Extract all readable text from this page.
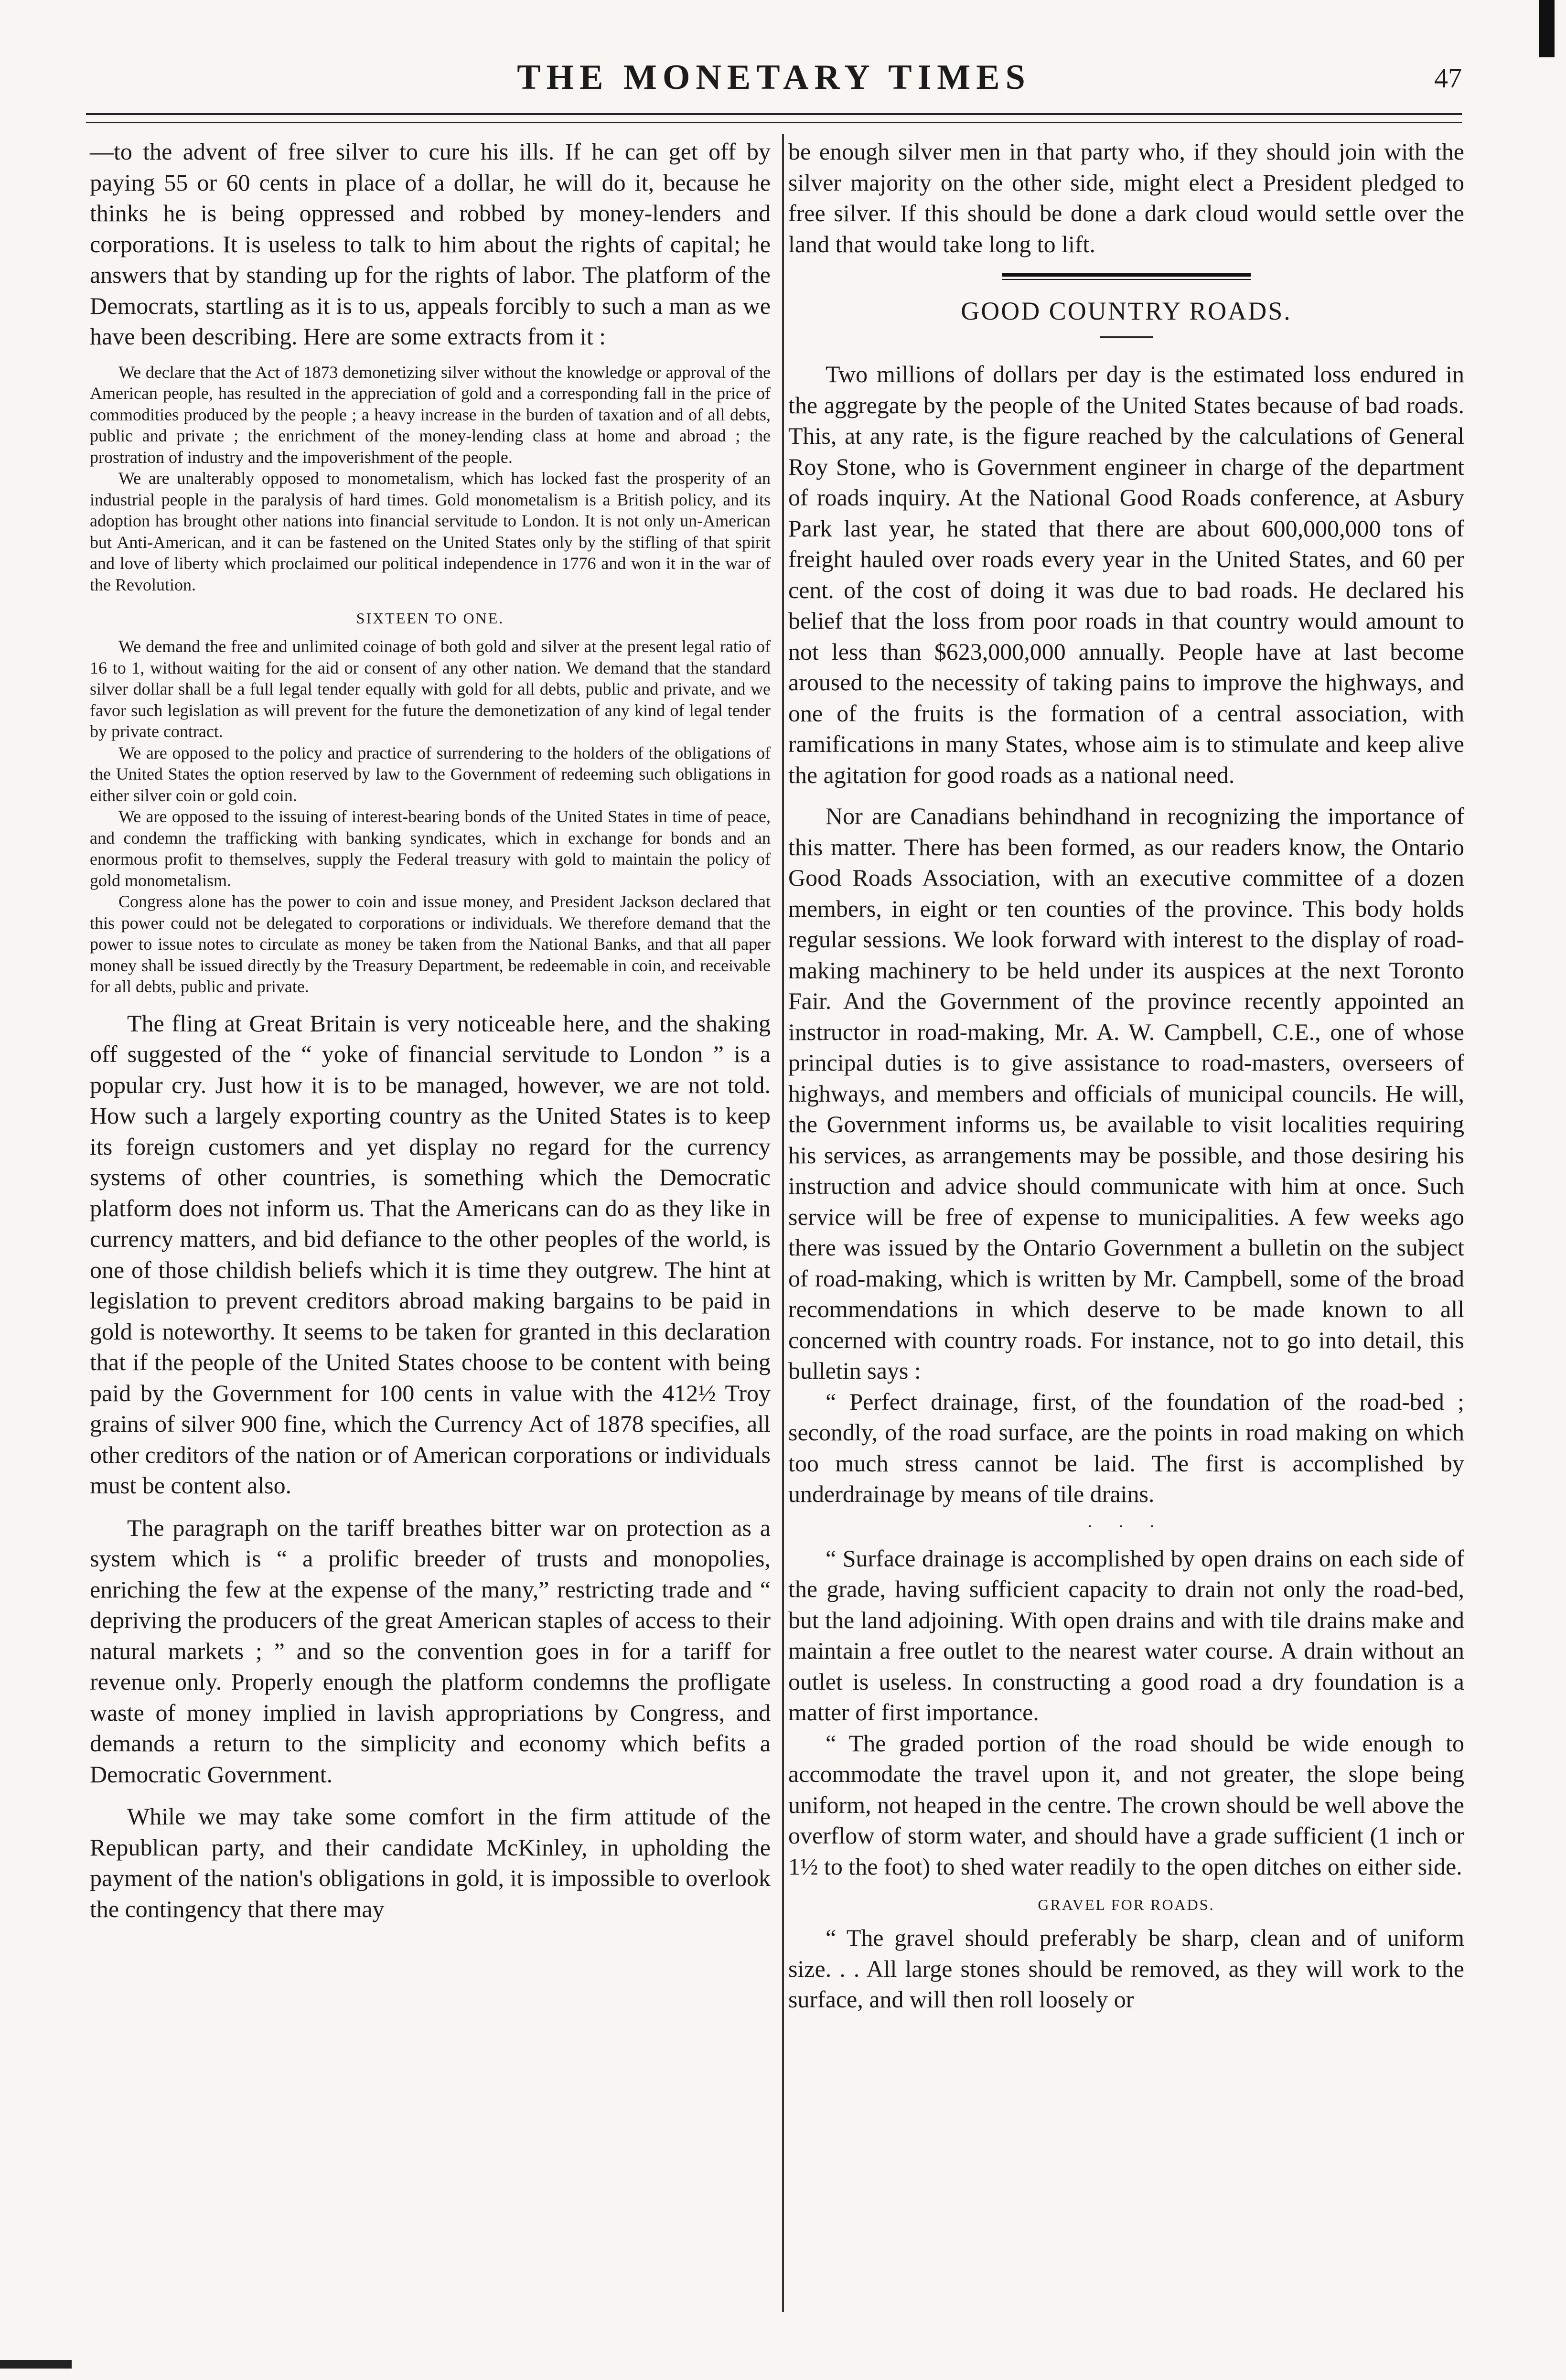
THE MONETARY TIMES	47

—to the advent of free silver to cure his ills. If he can get off by paying 55 or 60 cents in place of a dollar, he will do it, because he thinks he is being oppressed and robbed by money-lenders and corporations. It is useless to talk to him about the rights of capital; he answers that by standing up for the rights of labor. The platform of the Democrats, startling as it is to us, appeals forcibly to such a man as we have been describing. Here are some extracts from it :

We declare that the Act of 1873 demonetizing silver without the knowledge or approval of the American people, has resulted in the appreciation of gold and a corresponding fall in the price of commodities produced by the people ; a heavy increase in the burden of taxation and of all debts, public and private ; the enrichment of the money-lending class at home and abroad ; the prostration of industry and the impoverishment of the people.

We are unalterably opposed to monometalism, which has locked fast the prosperity of an industrial people in the paralysis of hard times. Gold monometalism is a British policy, and its adoption has brought other nations into financial servitude to London. It is not only un-American but Anti-American, and it can be fastened on the United States only by the stifling of that spirit and love of liberty which proclaimed our political independence in 1776 and won it in the war of the Revolution.

SIXTEEN TO ONE.

We demand the free and unlimited coinage of both gold and silver at the present legal ratio of 16 to 1, without waiting for the aid or consent of any other nation. We demand that the standard silver dollar shall be a full legal tender equally with gold for all debts, public and private, and we favor such legislation as will prevent for the future the demonetization of any kind of legal tender by private contract.

We are opposed to the policy and practice of surrendering to the holders of the obligations of the United States the option reserved by law to the Government of redeeming such obligations in either silver coin or gold coin.

We are opposed to the issuing of interest-bearing bonds of the United States in time of peace, and condemn the trafficking with banking syndicates, which in exchange for bonds and an enormous profit to themselves, supply the Federal treasury with gold to maintain the policy of gold monometalism.

Congress alone has the power to coin and issue money, and President Jackson declared that this power could not be delegated to corporations or individuals. We therefore demand that the power to issue notes to circulate as money be taken from the National Banks, and that all paper money shall be issued directly by the Treasury Department, be redeemable in coin, and receivable for all debts, public and private.

The fling at Great Britain is very noticeable here, and the shaking off suggested of the “ yoke of financial servitude to London ” is a popular cry. Just how it is to be managed, however, we are not told. How such a largely exporting country as the United States is to keep its foreign customers and yet display no regard for the currency systems of other countries, is something which the Democratic platform does not inform us. That the Americans can do as they like in currency matters, and bid defiance to the other peoples of the world, is one of those childish beliefs which it is time they outgrew. The hint at legislation to prevent creditors abroad making bargains to be paid in gold is noteworthy. It seems to be taken for granted in this declaration that if the people of the United States choose to be content with being paid by the Government for 100 cents in value with the 412½ Troy grains of silver 900 fine, which the Currency Act of 1878 specifies, all other creditors of the nation or of American corporations or individuals must be content also.

The paragraph on the tariff breathes bitter war on protection as a system which is “ a prolific breeder of trusts and monopolies, enriching the few at the expense of the many,” restricting trade and “ depriving the producers of the great American staples of access to their natural markets ; ” and so the convention goes in for a tariff for revenue only. Properly enough the platform condemns the profligate waste of money implied in lavish appropriations by Congress, and demands a return to the simplicity and economy which befits a Democratic Government.

While we may take some comfort in the firm attitude of the Republican party, and their candidate McKinley, in upholding the payment of the nation's obligations in gold, it is impossible to overlook the contingency that there may

be enough silver men in that party who, if they should join with the silver majority on the other side, might elect a President pledged to free silver. If this should be done a dark cloud would settle over the land that would take long to lift.

GOOD COUNTRY ROADS.

Two millions of dollars per day is the estimated loss endured in the aggregate by the people of the United States because of bad roads. This, at any rate, is the figure reached by the calculations of General Roy Stone, who is Government engineer in charge of the department of roads inquiry. At the National Good Roads conference, at Asbury Park last year, he stated that there are about 600,000,000 tons of freight hauled over roads every year in the United States, and 60 per cent. of the cost of doing it was due to bad roads. He declared his belief that the loss from poor roads in that country would amount to not less than $623,000,000 annually. People have at last become aroused to the necessity of taking pains to improve the highways, and one of the fruits is the formation of a central association, with ramifications in many States, whose aim is to stimulate and keep alive the agitation for good roads as a national need.

Nor are Canadians behindhand in recognizing the importance of this matter. There has been formed, as our readers know, the Ontario Good Roads Association, with an executive committee of a dozen members, in eight or ten counties of the province. This body holds regular sessions. We look forward with interest to the display of road-making machinery to be held under its auspices at the next Toronto Fair. And the Government of the province recently appointed an instructor in road-making, Mr. A. W. Campbell, C.E., one of whose principal duties is to give assistance to road-masters, overseers of highways, and members and officials of municipal councils. He will, the Government informs us, be available to visit localities requiring his services, as arrangements may be possible, and those desiring his instruction and advice should communicate with him at once. Such service will be free of expense to municipalities. A few weeks ago there was issued by the Ontario Government a bulletin on the subject of road-making, which is written by Mr. Campbell, some of the broad recommendations in which deserve to be made known to all concerned with country roads. For instance, not to go into detail, this bulletin says :

“ Perfect drainage, first, of the foundation of the road-bed ; secondly, of the road surface, are the points in road making on which too much stress cannot be laid. The first is accomplished by underdrainage by means of tile drains.

· · ·

“ Surface drainage is accomplished by open drains on each side of the grade, having sufficient capacity to drain not only the road-bed, but the land adjoining. With open drains and with tile drains make and maintain a free outlet to the nearest water course. A drain without an outlet is useless. In constructing a good road a dry foundation is a matter of first importance.

“ The graded portion of the road should be wide enough to accommodate the travel upon it, and not greater, the slope being uniform, not heaped in the centre. The crown should be well above the overflow of storm water, and should have a grade sufficient (1 inch or 1½ to the foot) to shed water readily to the open ditches on either side.

GRAVEL FOR ROADS.

“ The gravel should preferably be sharp, clean and of uniform size. . . All large stones should be removed, as they will work to the surface, and will then roll loosely or
